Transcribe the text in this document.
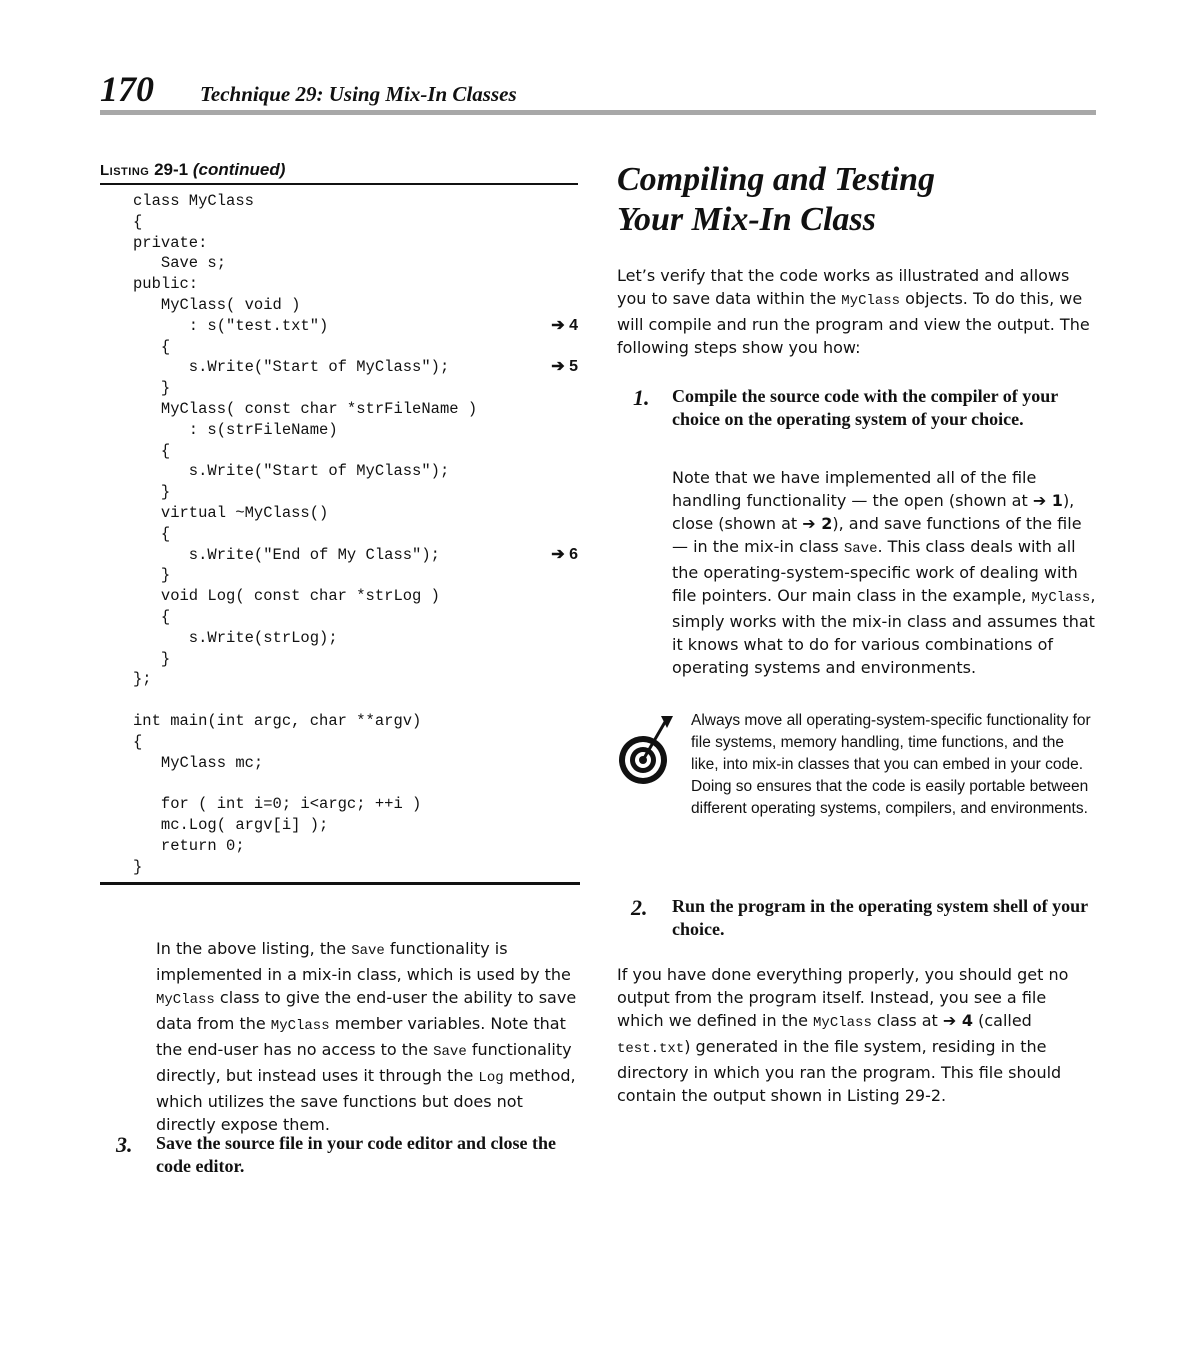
170 Technique 29: Using Mix-In Classes
Listing 29-1 (continued)
class MyClass
{
private:
Save s;
public:
MyClass( void )
: s("test.txt")	➔ 4
{
s.Write("Start of MyClass");	➔ 5
}
MyClass( const char *strFileName )
: s(strFileName)
{
s.Write("Start of MyClass");
}
virtual ~MyClass()
{
s.Write("End of My Class");	➔ 6
}
void Log( const char *strLog )
{
s.Write(strLog);
}
};
int main(int argc, char **argv)
{
MyClass mc;
for ( int i=0; i<argc; ++i )
mc.Log( argv[i] );
return 0;
}
In the above listing, the Save functionality is implemented in a mix-in class, which is used by the MyClass class to give the end-user the ability to save data from the MyClass member variables. Note that the end-user has no access to the Save functionality directly, but instead uses it through the Log method, which utilizes the save functions but does not directly expose them.
3. Save the source file in your code editor and close the code editor.
Compiling and Testing
Your Mix-In Class
Let’s verify that the code works as illustrated and allows you to save data within the MyClass objects. To do this, we will compile and run the program and view the output. The following steps show you how:
1. Compile the source code with the compiler of your choice on the operating system of your choice.
Note that we have implemented all of the file handling functionality — the open (shown at ➔ 1), close (shown at ➔ 2), and save functions of the file — in the mix-in class Save. This class deals with all the operating-system-specific work of dealing with file pointers. Our main class in the example, MyClass, simply works with the mix-in class and assumes that it knows what to do for various combinations of operating systems and environments.
Always move all operating-system-specific functionality for file systems, memory handling, time functions, and the like, into mix-in classes that you can embed in your code. Doing so ensures that the code is easily portable between different operating systems, compilers, and environments.
2. Run the program in the operating system shell of your choice.
If you have done everything properly, you should get no output from the program itself. Instead, you see a file which we defined in the MyClass class at ➔ 4 (called test.txt) generated in the file system, residing in the directory in which you ran the program. This file should contain the output shown in Listing 29-2.
